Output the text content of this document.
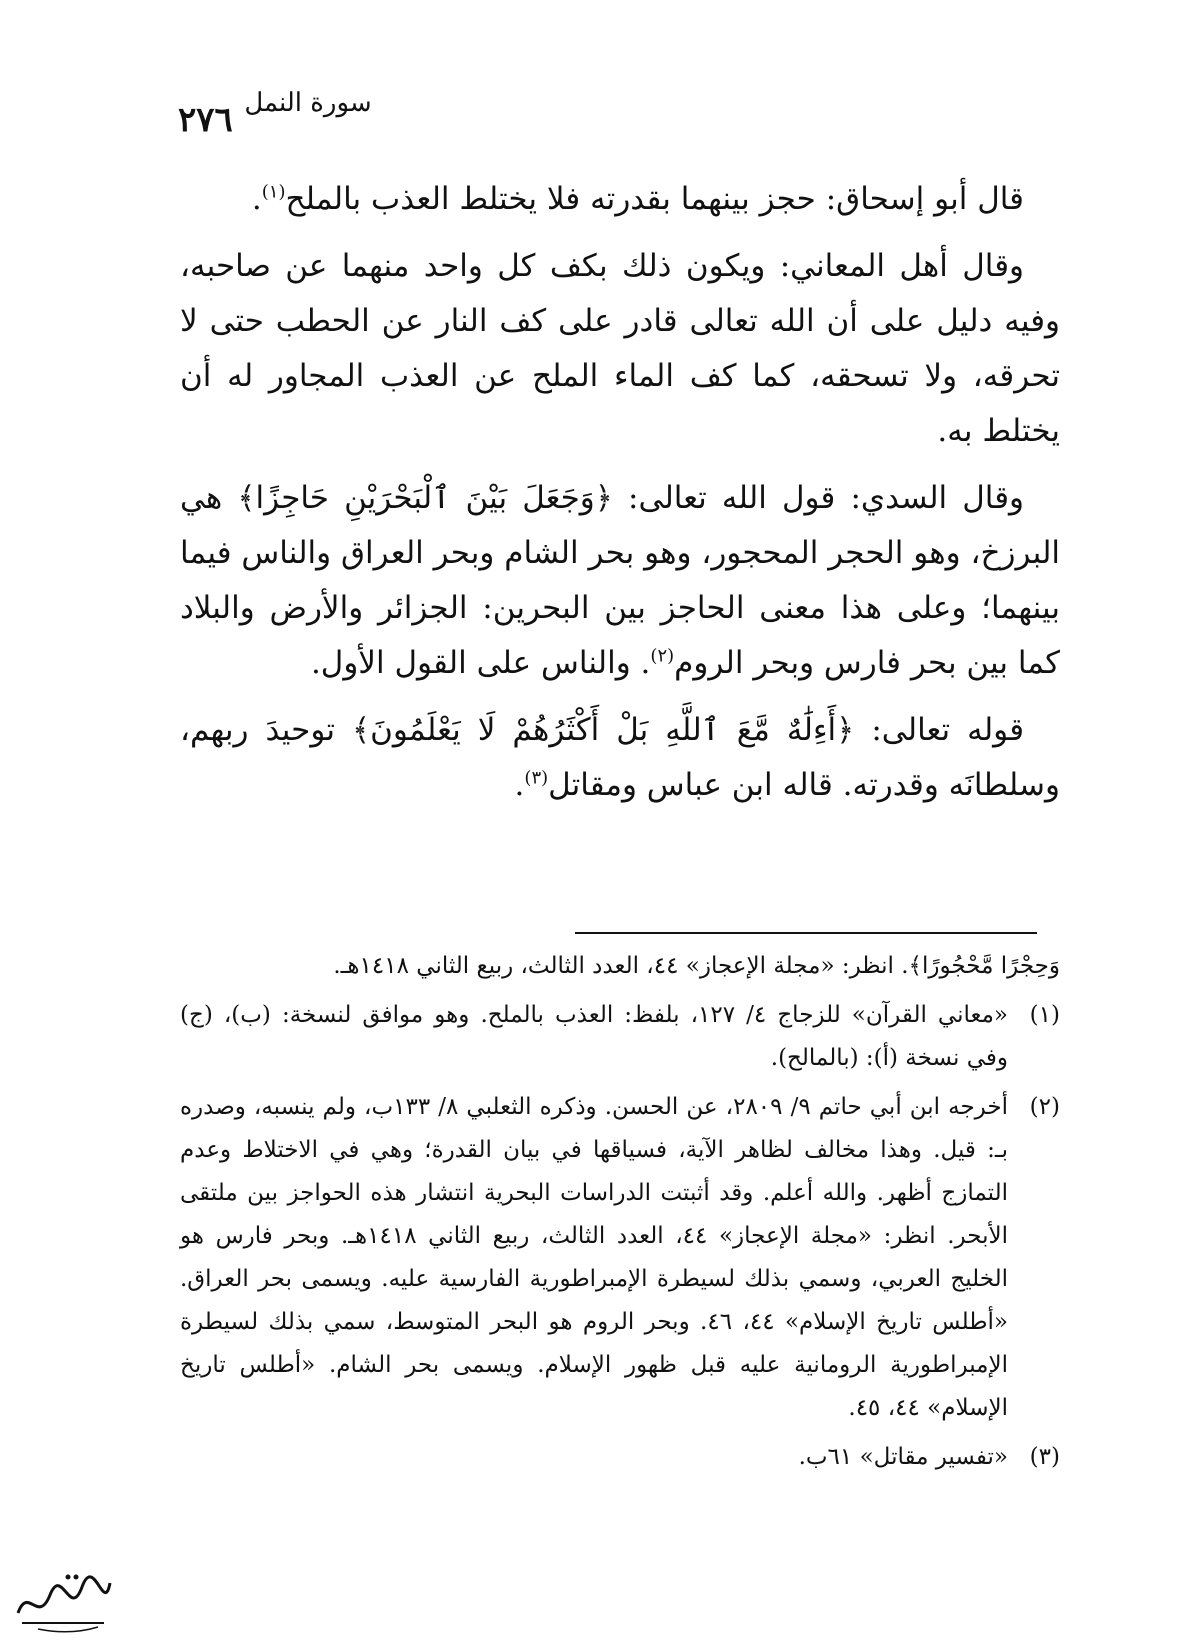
٢٧٦ سورة النمل

قال أبو إسحاق: حجز بينهما بقدرته فلا يختلط العذب بالملح$^{(١)}$.

وقال أهل المعاني: ويكون ذلك بكف كل واحد منهما عن صاحبه، وفيه دليل على أن الله تعالى قادر على كف النار عن الحطب حتى لا تحرقه، ولا تسحقه، كما كف الماء الملح عن العذب المجاور له أن يختلط به.

وقال السدي: قول الله تعالى: ﴿وَجَعَلَ بَيْنَ ٱلْبَحْرَيْنِ حَاجِزًا﴾ هي البرزخ، وهو الحجر المحجور، وهو بحر الشام وبحر العراق والناس فيما بينهما؛ وعلى هذا معنى الحاجز بين البحرين: الجزائر والأرض والبلاد كما بين بحر فارس وبحر الروم$^{(٢)}$. والناس على القول الأول.

قوله تعالى: ﴿أَءِلَٰهٌ مَّعَ ٱللَّهِ بَلْ أَكْثَرُهُمْ لَا يَعْلَمُونَ﴾ توحيدَ ربهم، وسلطانَه وقدرته. قاله ابن عباس ومقاتل$^{(٣)}$.

وَحِجْرًا مَّحْجُورًا﴾. انظر: «مجلة الإعجاز» ٤٤، العدد الثالث، ربيع الثاني ١٤١٨هـ.
(١)
«معاني القرآن» للزجاج ٤/ ١٢٧، بلفظ: العذب بالملح. وهو موافق لنسخة: (ب)، (ج) وفي نسخة (أ): (بالمالح).
(٢)
أخرجه ابن أبي حاتم ٩/ ٢٨٠٩، عن الحسن. وذكره الثعلبي ٨/ ١٣٣ب، ولم ينسبه، وصدره بـ: قيل. وهذا مخالف لظاهر الآية، فسياقها في بيان القدرة؛ وهي في الاختلاط وعدم التمازج أظهر. والله أعلم. وقد أثبتت الدراسات البحرية انتشار هذه الحواجز بين ملتقى الأبحر. انظر: «مجلة الإعجاز» ٤٤، العدد الثالث، ربيع الثاني ١٤١٨هـ. وبحر فارس هو الخليج العربي، وسمي بذلك لسيطرة الإمبراطورية الفارسية عليه. ويسمى بحر العراق. «أطلس تاريخ الإسلام» ٤٤، ٤٦. وبحر الروم هو البحر المتوسط، سمي بذلك لسيطرة الإمبراطورية الرومانية عليه قبل ظهور الإسلام. ويسمى بحر الشام. «أطلس تاريخ الإسلام» ٤٤، ٤٥.
(٣)
«تفسير مقاتل» ٦١ب.
